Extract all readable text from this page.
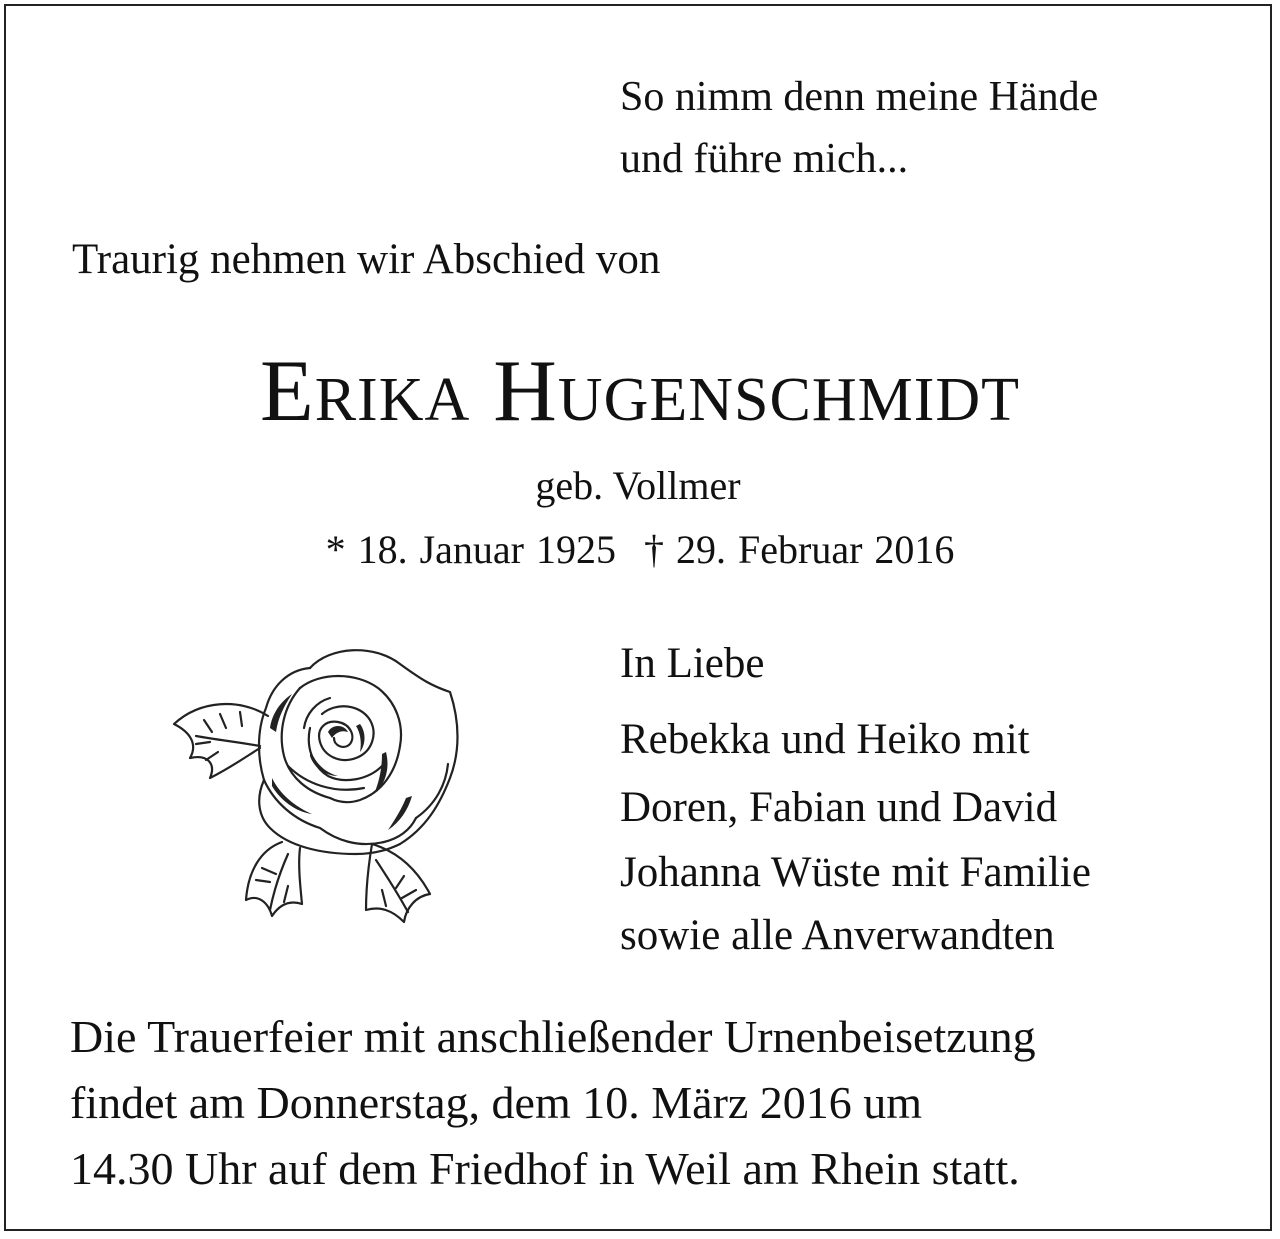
So nimm denn meine Hände
und führe mich...
Traurig nehmen wir Abschied von
Erika Hugenschmidt
geb. Vollmer
* 18. Januar 1925 † 29. Februar 2016
In Liebe
Rebekka und Heiko mit
Doren, Fabian und David
Johanna Wüste mit Familie
sowie alle Anverwandten
Die Trauerfeier mit anschließender Urnenbeisetzung
findet am Donnerstag, dem 10. März 2016 um
14.30 Uhr auf dem Friedhof in Weil am Rhein statt.
